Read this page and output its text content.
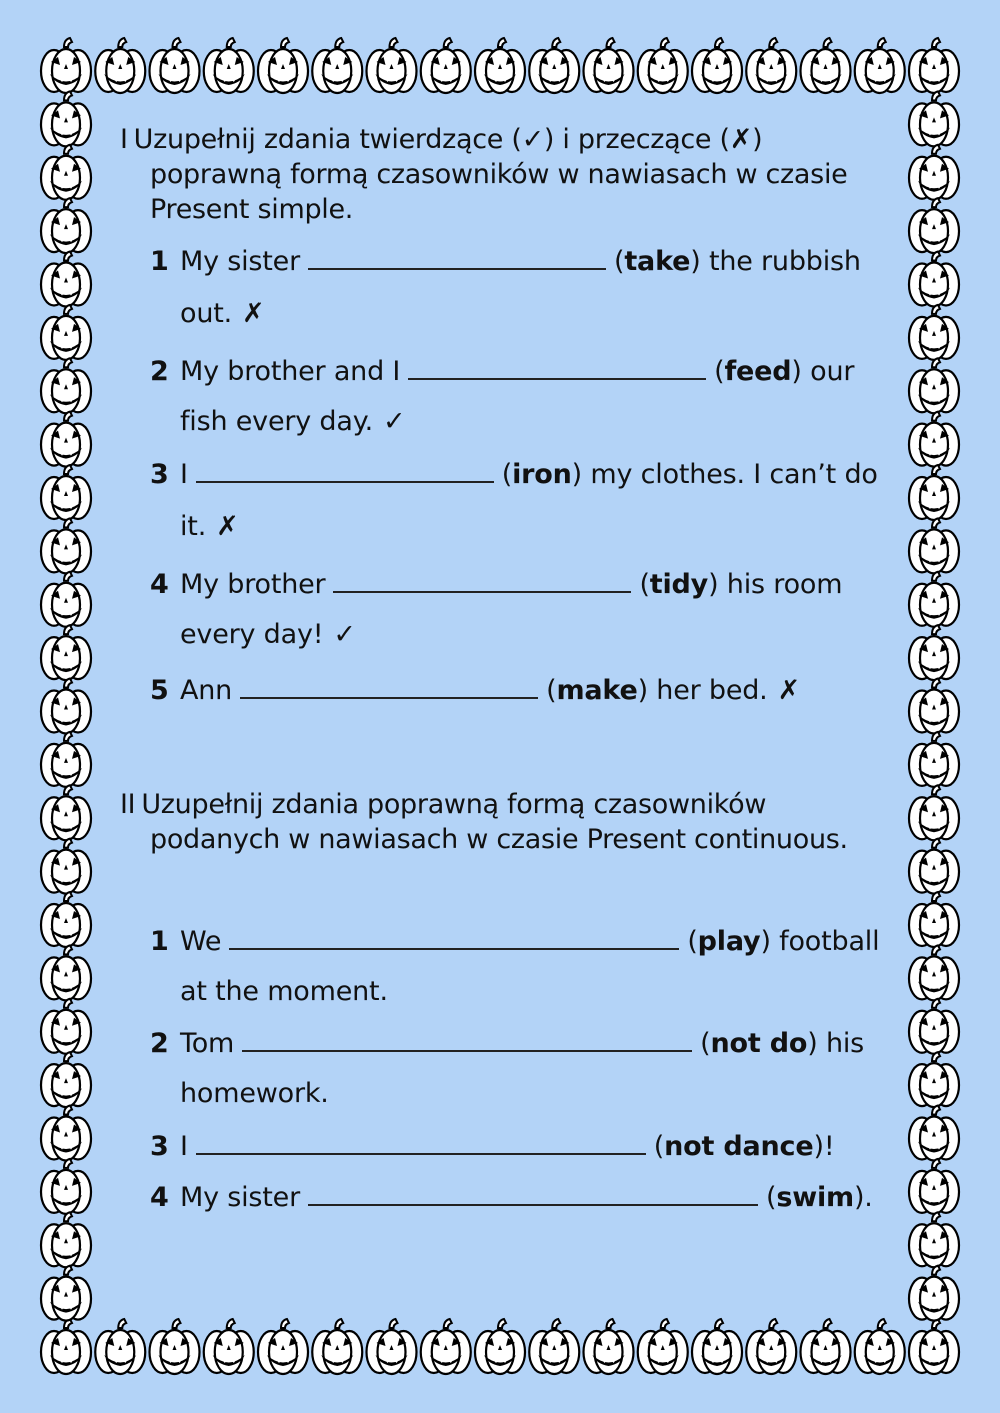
I Uzupełnij zdania twierdzące (✓) i przeczące (✗)
poprawną formą czasowników w nawiasach w czasie
Present simple.
1 My sister	(take) the rubbish
out. ✗
2 My brother and I	(feed) our
fish every day. ✓
3 I	(iron) my clothes. I can’t do
it. ✗
4 My brother	(tidy) his room
every day! ✓
5 Ann	(make) her bed. ✗
II Uzupełnij zdania poprawną formą czasowników
podanych w nawiasach w czasie Present continuous.
1 We	(play) football
at the moment.
2 Tom	(not do) his
homework.
3 I	(not dance)!
4 My sister	(swim).
